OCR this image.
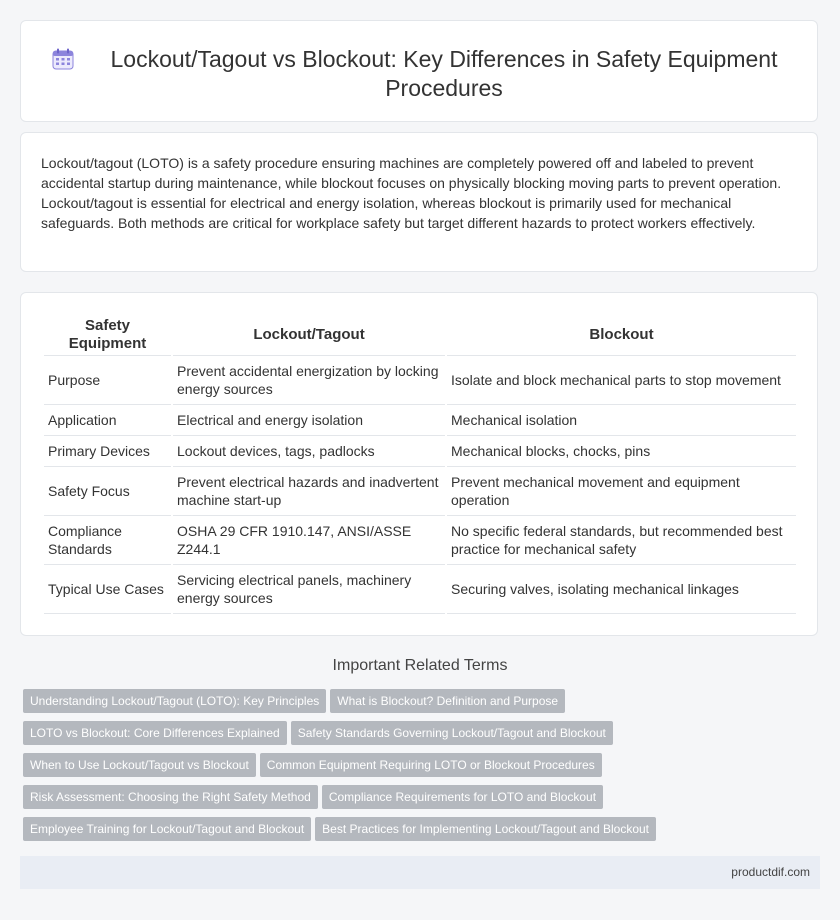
Lockout/Tagout vs Blockout: Key Differences in Safety Equipment Procedures

Lockout/tagout (LOTO) is a safety procedure ensuring machines are completely powered off and labeled to prevent accidental startup during maintenance, while blockout focuses on physically blocking moving parts to prevent operation. Lockout/tagout is essential for electrical and energy isolation, whereas blockout is primarily used for mechanical safeguards. Both methods are critical for workplace safety but target different hazards to protect workers effectively.

Safety Equipment	Lockout/Tagout	Blockout
Purpose	Prevent accidental energization by locking energy sources	Isolate and block mechanical parts to stop movement
Application	Electrical and energy isolation	Mechanical isolation
Primary Devices	Lockout devices, tags, padlocks	Mechanical blocks, chocks, pins
Safety Focus	Prevent electrical hazards and inadvertent machine start-up	Prevent mechanical movement and equipment operation
Compliance Standards	OSHA 29 CFR 1910.147, ANSI/ASSE Z244.1	No specific federal standards, but recommended best practice for mechanical safety
Typical Use Cases	Servicing electrical panels, machinery energy sources	Securing valves, isolating mechanical linkages
Important Related Terms
Understanding Lockout/Tagout (LOTO): Key Principles What is Blockout? Definition and Purpose
LOTO vs Blockout: Core Differences Explained Safety Standards Governing Lockout/Tagout and Blockout
When to Use Lockout/Tagout vs Blockout Common Equipment Requiring LOTO or Blockout Procedures
Risk Assessment: Choosing the Right Safety Method Compliance Requirements for LOTO and Blockout
Employee Training for Lockout/Tagout and Blockout Best Practices for Implementing Lockout/Tagout and Blockout
productdif.com
